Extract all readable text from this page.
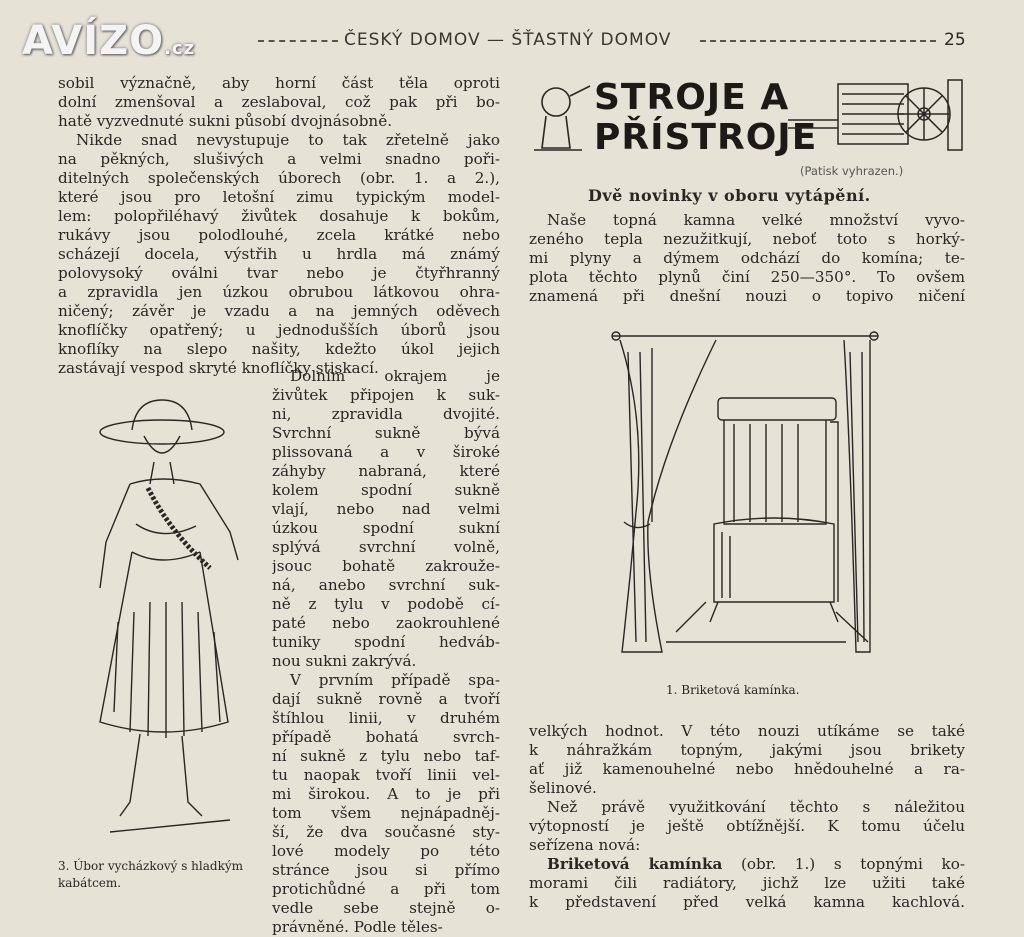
AVÍZO.cz	ČESKÝ DOMOV — ŠŤASTNÝ DOMOV	25
sobil význačně, aby horní část těla oproti
dolní zmenšoval a zeslaboval, což pak při bo-
hatě vyzvednuté sukni působí dvojnásobně.
Nikde snad nevystupuje to tak zřetelně jako
na pěkných, slušivých a velmi snadno poři-
ditelných společenských úborech (obr. 1. a 2.),
které jsou pro letošní zimu typickým model-
lem: polopřiléhavý živůtek dosahuje k bokům,
rukávy jsou polodlouhé, zcela krátké nebo
scházejí docela, výstřih u hrdla má známý
polovysoký oválni tvar nebo je čtyřhranný
a zpravidla jen úzkou obrubou látkovou ohra-
ničený; závěr je vzadu a na jemných oděvech
knoflíčky opatřený; u jednodušších úborů jsou
knoflíky na slepo našity, kdežto úkol jejich
zastávají vespod skryté knoflíčky stiskací.
Dolním okrajem je
živůtek připojen k suk-
ni, zpravidla dvojité.
Svrchní sukně bývá
plissovaná a v široké
záhyby nabraná, které
kolem spodní sukně
vlají, nebo nad velmi
úzkou spodní sukní
splývá svrchní volně,
jsouc bohatě zakrouže-
ná, anebo svrchní suk-
ně z tylu v podobě cí-
paté nebo zaokrouhlené
tuniky spodní hedváb-
nou sukni zakrývá.
V prvním případě spa-
dají sukně rovně a tvoří
štíhlou linii, v druhém
případě bohatá svrch-
ní sukně z tylu nebo taf-
tu naopak tvoří linii vel-
mi širokou. A to je při
tom všem nejnápadněj-
ší, že dva současné sty-
lové modely po této
stránce jsou si přímo
protichůdné a při tom
vedle sebe stejně o-
právněné. Podle těles-
3. Úbor vycházkový s hladkým kabátcem.
STROJE A
PŘÍSTROJE
(Patisk vyhrazen.)
Dvě novinky v oboru vytápění.
Naše topná kamna velké množství vyvo-
zeného tepla nezužitkují, neboť toto s horký-
mi plyny a dýmem odchází do komína; te-
plota těchto plynů činí 250—350°. To ovšem
znamená při dnešní nouzi o topivo ničení
1. Briketová kamínka.
velkých hodnot. V této nouzi utíkáme se také
k náhražkám topným, jakými jsou brikety
ať již kamenouhelné nebo hnědouhelné a ra-
šelinové.
Než právě využitkování těchto s náležitou
výtopností je ještě obtížnější. K tomu účelu
seřízena nová:
Briketová kamínka (obr. 1.) s topnými ko-
morami čili radiátory, jichž lze užiti také
k představení před velká kamna kachlová.
